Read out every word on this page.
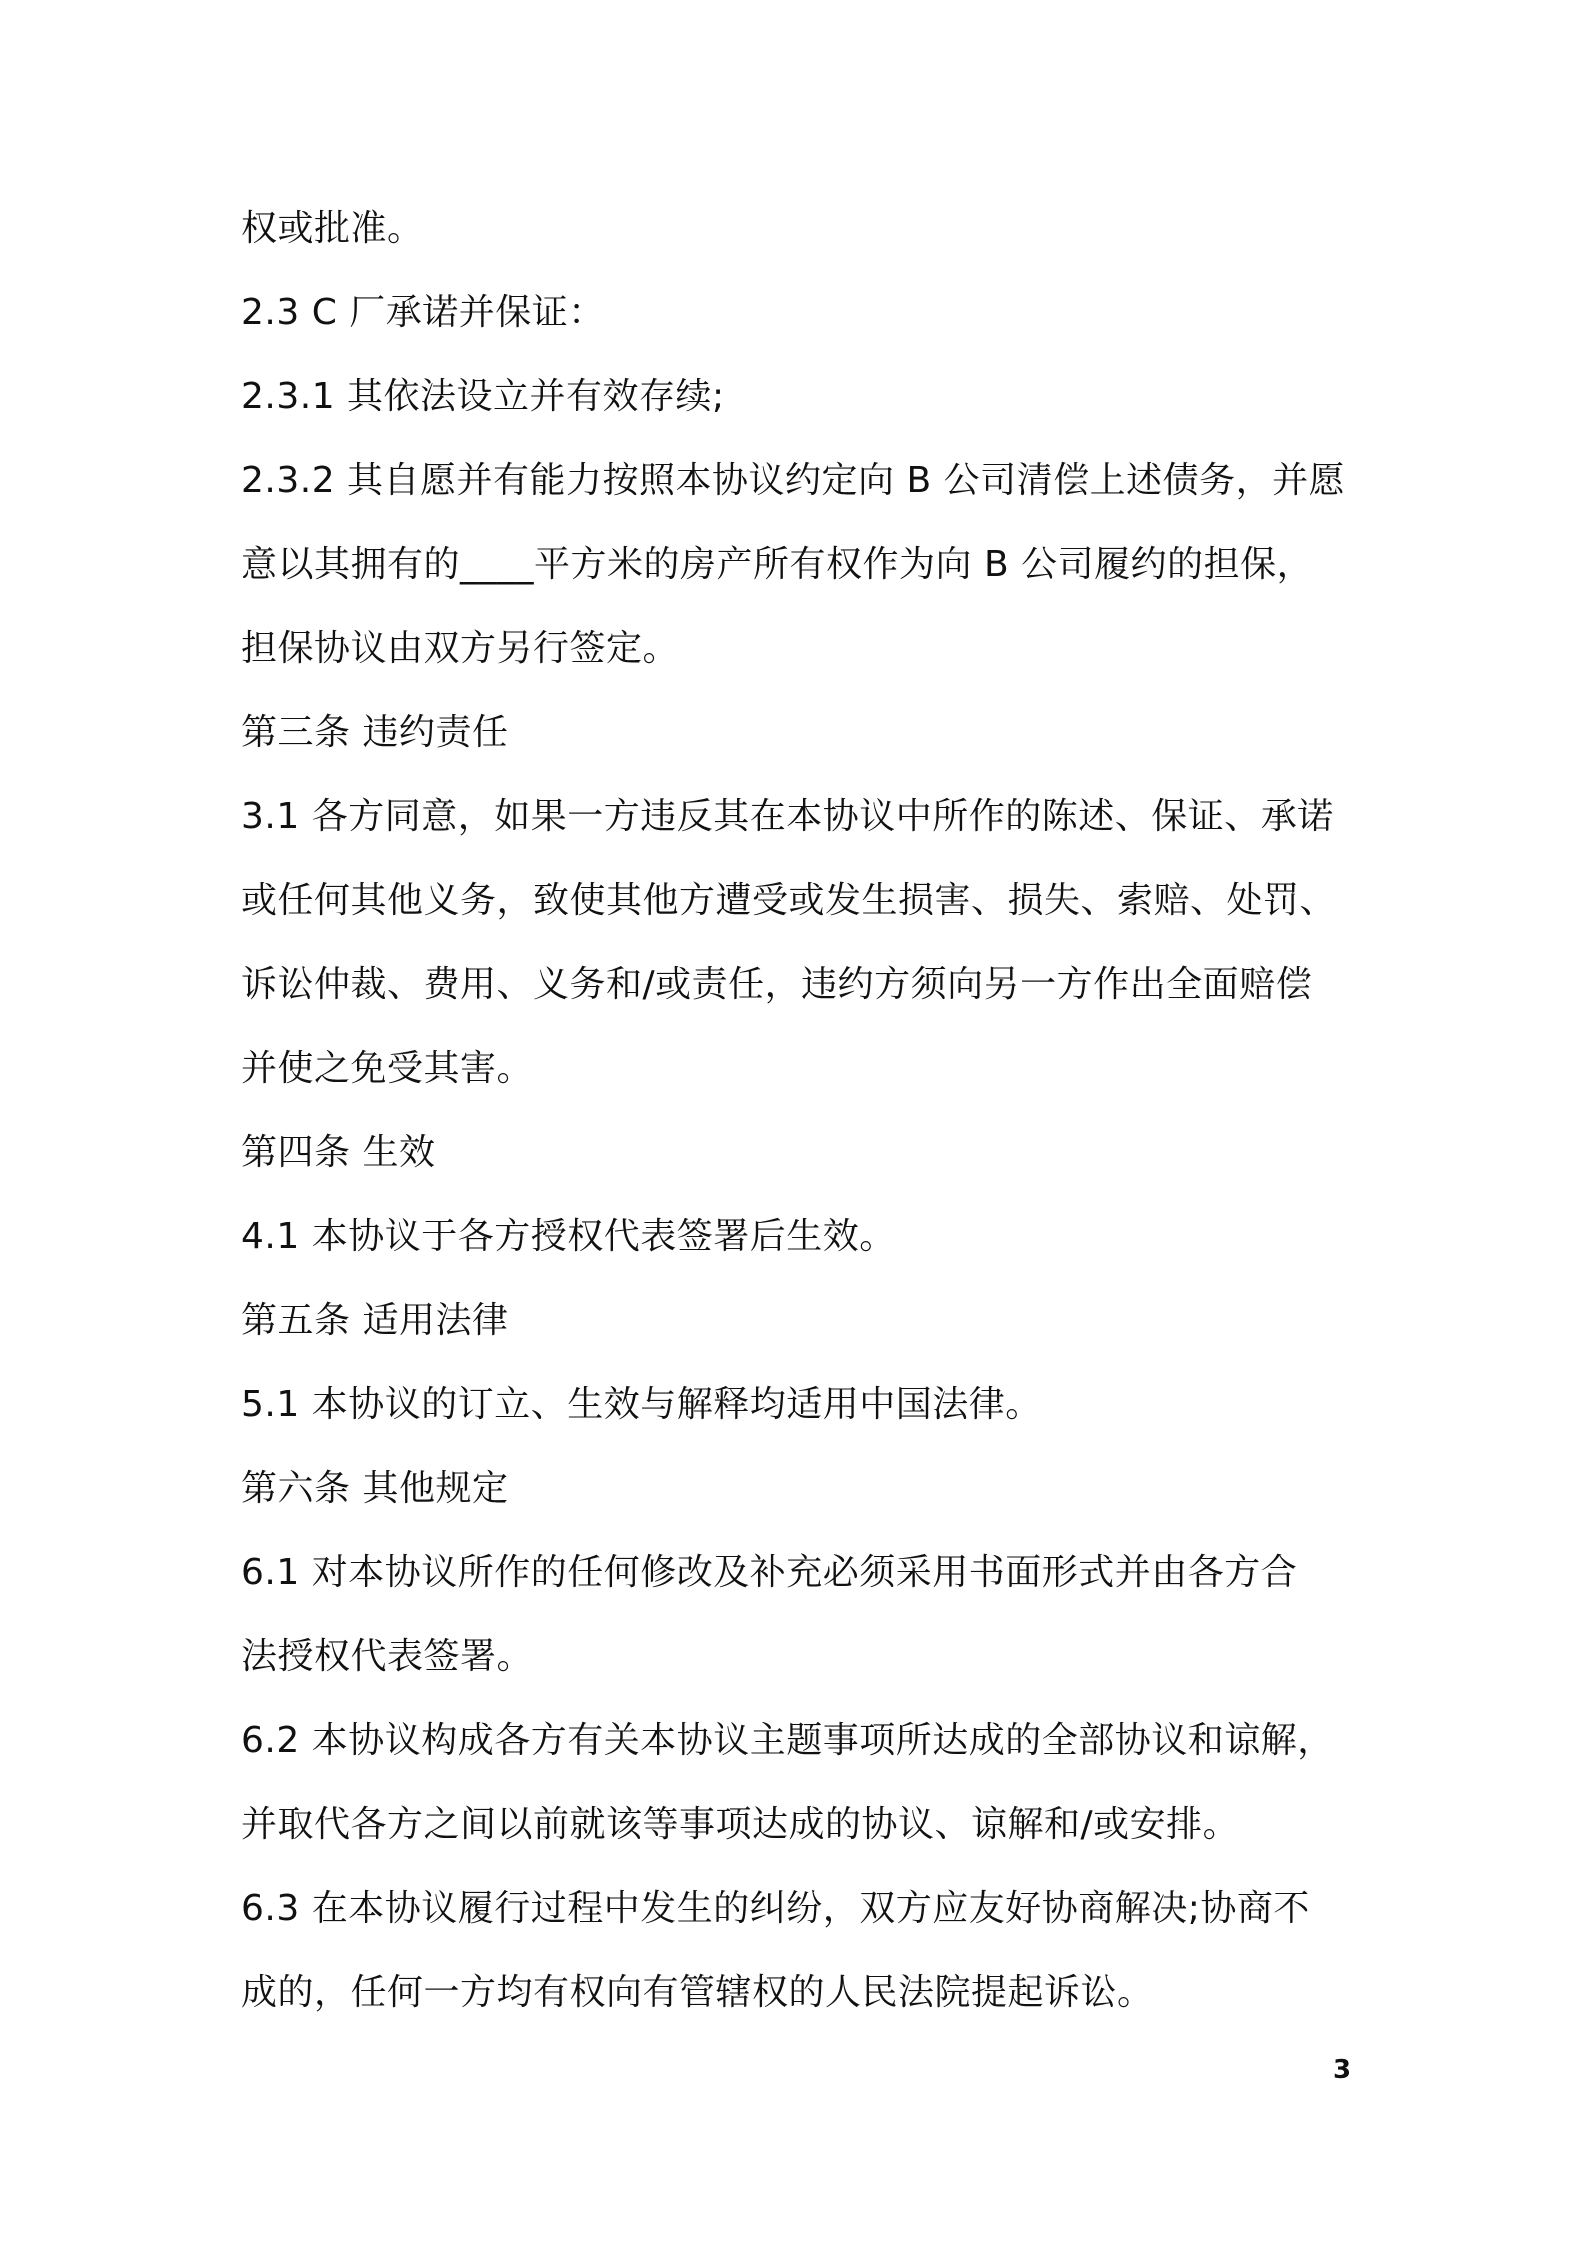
权或批准。
2.3 C 厂承诺并保证：
2.3.1 其依法设立并有效存续;
2.3.2 其自愿并有能力按照本协议约定向 B 公司清偿上述债务，并愿
意以其拥有的____平方米的房产所有权作为向 B 公司履约的担保，
担保协议由双方另行签定。
第三条 违约责任
3.1 各方同意，如果一方违反其在本协议中所作的陈述、保证、承诺
或任何其他义务，致使其他方遭受或发生损害、损失、索赔、处罚、
诉讼仲裁、费用、义务和/或责任，违约方须向另一方作出全面赔偿
并使之免受其害。
第四条 生效
4.1 本协议于各方授权代表签署后生效。
第五条 适用法律
5.1 本协议的订立、生效与解释均适用中国法律。
第六条 其他规定
6.1 对本协议所作的任何修改及补充必须采用书面形式并由各方合
法授权代表签署。
6.2 本协议构成各方有关本协议主题事项所达成的全部协议和谅解，
并取代各方之间以前就该等事项达成的协议、谅解和/或安排。
6.3 在本协议履行过程中发生的纠纷，双方应友好协商解决;协商不
成的，任何一方均有权向有管辖权的人民法院提起诉讼。
3
